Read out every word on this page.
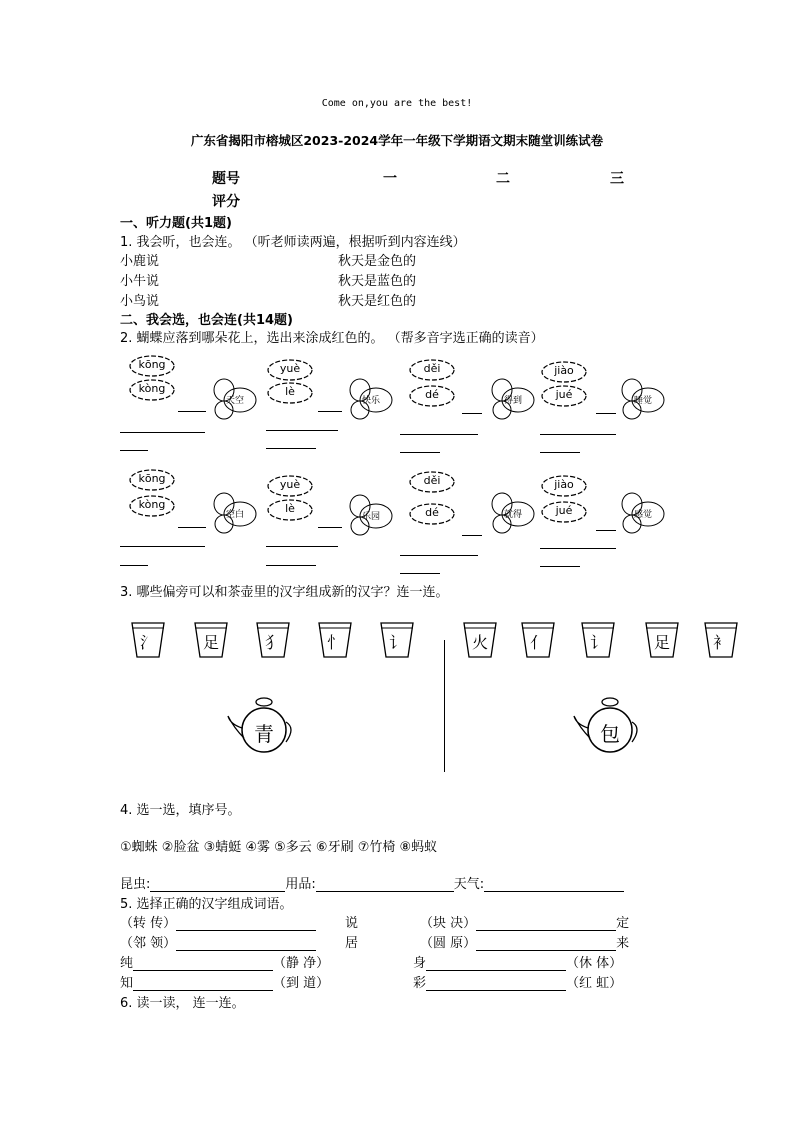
Come on,you are the best!
广东省揭阳市榕城区2023-2024学年一年级下学期语文期末随堂训练试卷
题号	一	二	三
评分
一、听力题(共1题)
1. 我会听，也会连。 （听老师读两遍，根据听到内容连线）
小鹿说
小牛说
小鸟说
秋天是金色的
秋天是蓝色的
秋天是红色的
二、我会选，也会连(共14题)
2. 蝴蝶应落到哪朵花上，选出来涂成红色的。 （帮多音字选正确的读音）
kōng
kòng
天空
yuè
lè
快乐
děi
dé	得到
jiào
jué	睡觉
kōng
kòng
空白
yuè
lè
乐园
děi
dé	就得
jiào
jué	感觉
3. 哪些偏旁可以和茶壶里的汉字组成新的汉字？连一连。
氵	足	犭	忄	讠	火	亻	讠	足	衤
青	包
4. 选一选，填序号。
①蜘蛛 ②脸盆 ③蜻蜓 ④雾 ⑤多云 ⑥牙刷 ⑦竹椅 ⑧蚂蚁
昆虫:	用品:	天气:
5. 选择正确的汉字组成词语。
（转 传）	说	（块 决）	定
（邻 领）	居	（圆 原）	来
纯	（静 净）	身	（休 体）
知	（到 道）	彩	（红 虹）
6. 读一读， 连一连。
